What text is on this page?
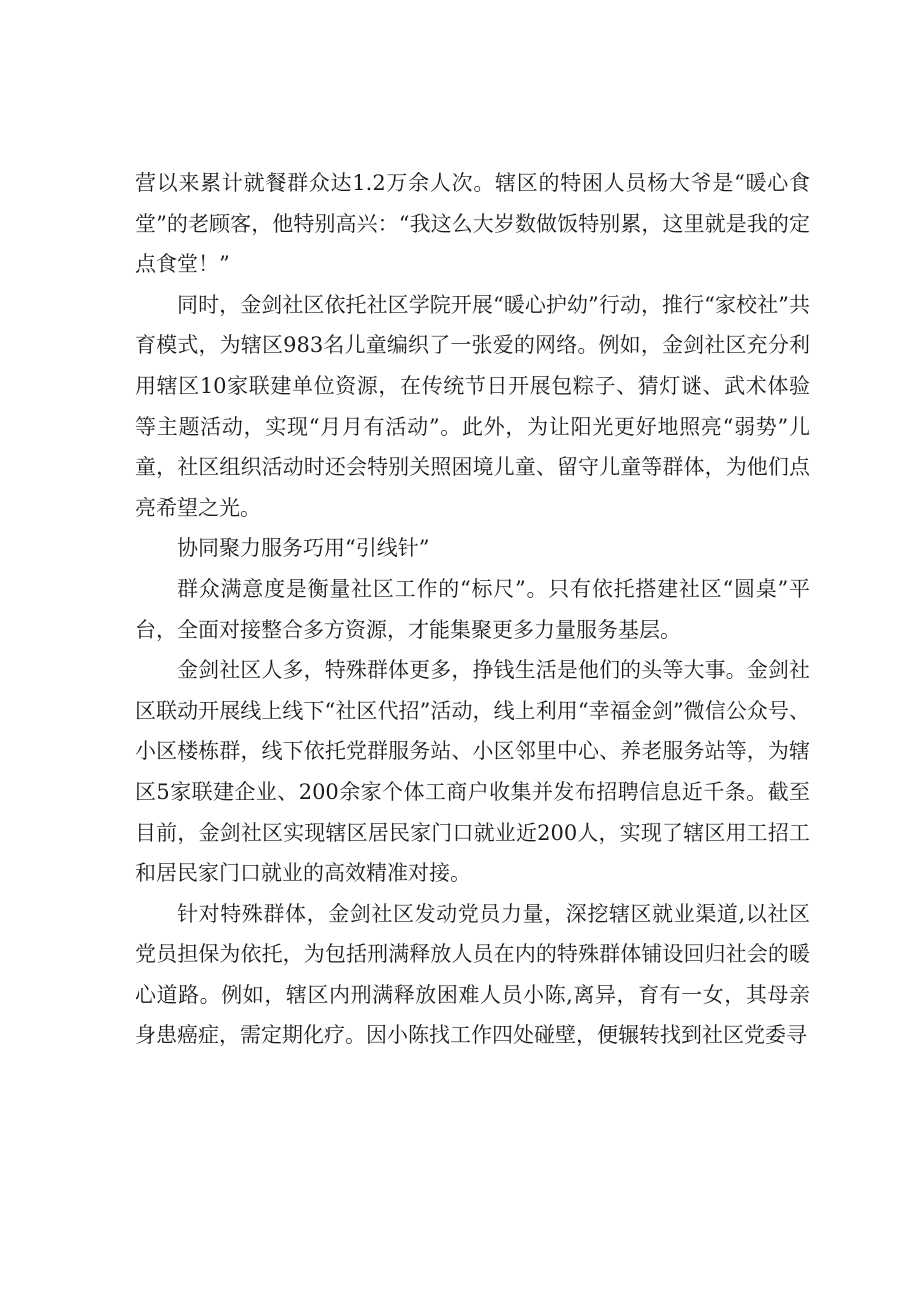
营以来累计就餐群众达1.2万余人次。辖区的特困人员杨大爷是“暖心食堂”的老顾客，他特别高兴：“我这么大岁数做饭特别累，这里就是我的定点食堂！”

同时，金剑社区依托社区学院开展“暖心护幼”行动，推行“家校社”共育模式，为辖区983名儿童编织了一张爱的网络。例如，金剑社区充分利用辖区10家联建单位资源，在传统节日开展包粽子、猜灯谜、武术体验等主题活动，实现“月月有活动”。此外，为让阳光更好地照亮“弱势”儿童，社区组织活动时还会特别关照困境儿童、留守儿童等群体，为他们点亮希望之光。

协同聚力服务巧用“引线针”

群众满意度是衡量社区工作的“标尺”。只有依托搭建社区“圆桌”平台，全面对接整合多方资源，才能集聚更多力量服务基层。

金剑社区人多，特殊群体更多，挣钱生活是他们的头等大事。金剑社区联动开展线上线下“社区代招”活动，线上利用“幸福金剑”微信公众号、小区楼栋群，线下依托党群服务站、小区邻里中心、养老服务站等，为辖区5家联建企业、200余家个体工商户收集并发布招聘信息近千条。截至目前，金剑社区实现辖区居民家门口就业近200人，实现了辖区用工招工和居民家门口就业的高效精准对接。

针对特殊群体，金剑社区发动党员力量，深挖辖区就业渠道,以社区党员担保为依托，为包括刑满释放人员在内的特殊群体铺设回归社会的暖心道路。例如，辖区内刑满释放困难人员小陈,离异，育有一女，其母亲身患癌症，需定期化疗。因小陈找工作四处碰壁，便辗转找到社区党委寻
